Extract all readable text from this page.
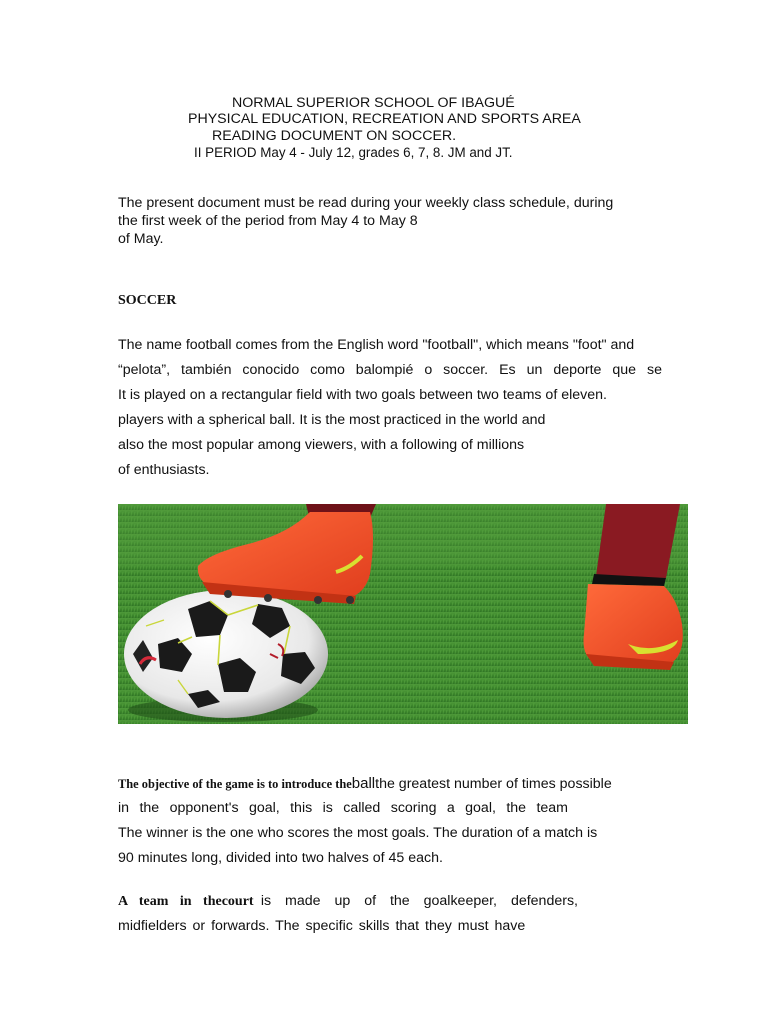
NORMAL SUPERIOR SCHOOL OF IBAGUÉ
PHYSICAL EDUCATION, RECREATION AND SPORTS AREA
READING DOCUMENT ON SOCCER.
II PERIOD May 4 - July 12, grades 6, 7, 8. JM and JT.
The present document must be read during your weekly class schedule, during
the first week of the period from May 4 to May 8
of May.
SOCCER
The name football comes from the English word "football", which means "foot" and
“pelota”, también conocido como balompié o soccer. Es un deporte que se
It is played on a rectangular field with two goals between two teams of eleven.
players with a spherical ball. It is the most practiced in the world and
also the most popular among viewers, with a following of millions
of enthusiasts.
The objective of the game is to introduce theballthe greatest number of times possible
in the opponent's goal, this is called scoring a goal, the team
The winner is the one who scores the most goals. The duration of a match is
90 minutes long, divided into two halves of 45 each.
A team in thecourt is made up of the goalkeeper, defenders,
midfielders or forwards. The specific skills that they must have
